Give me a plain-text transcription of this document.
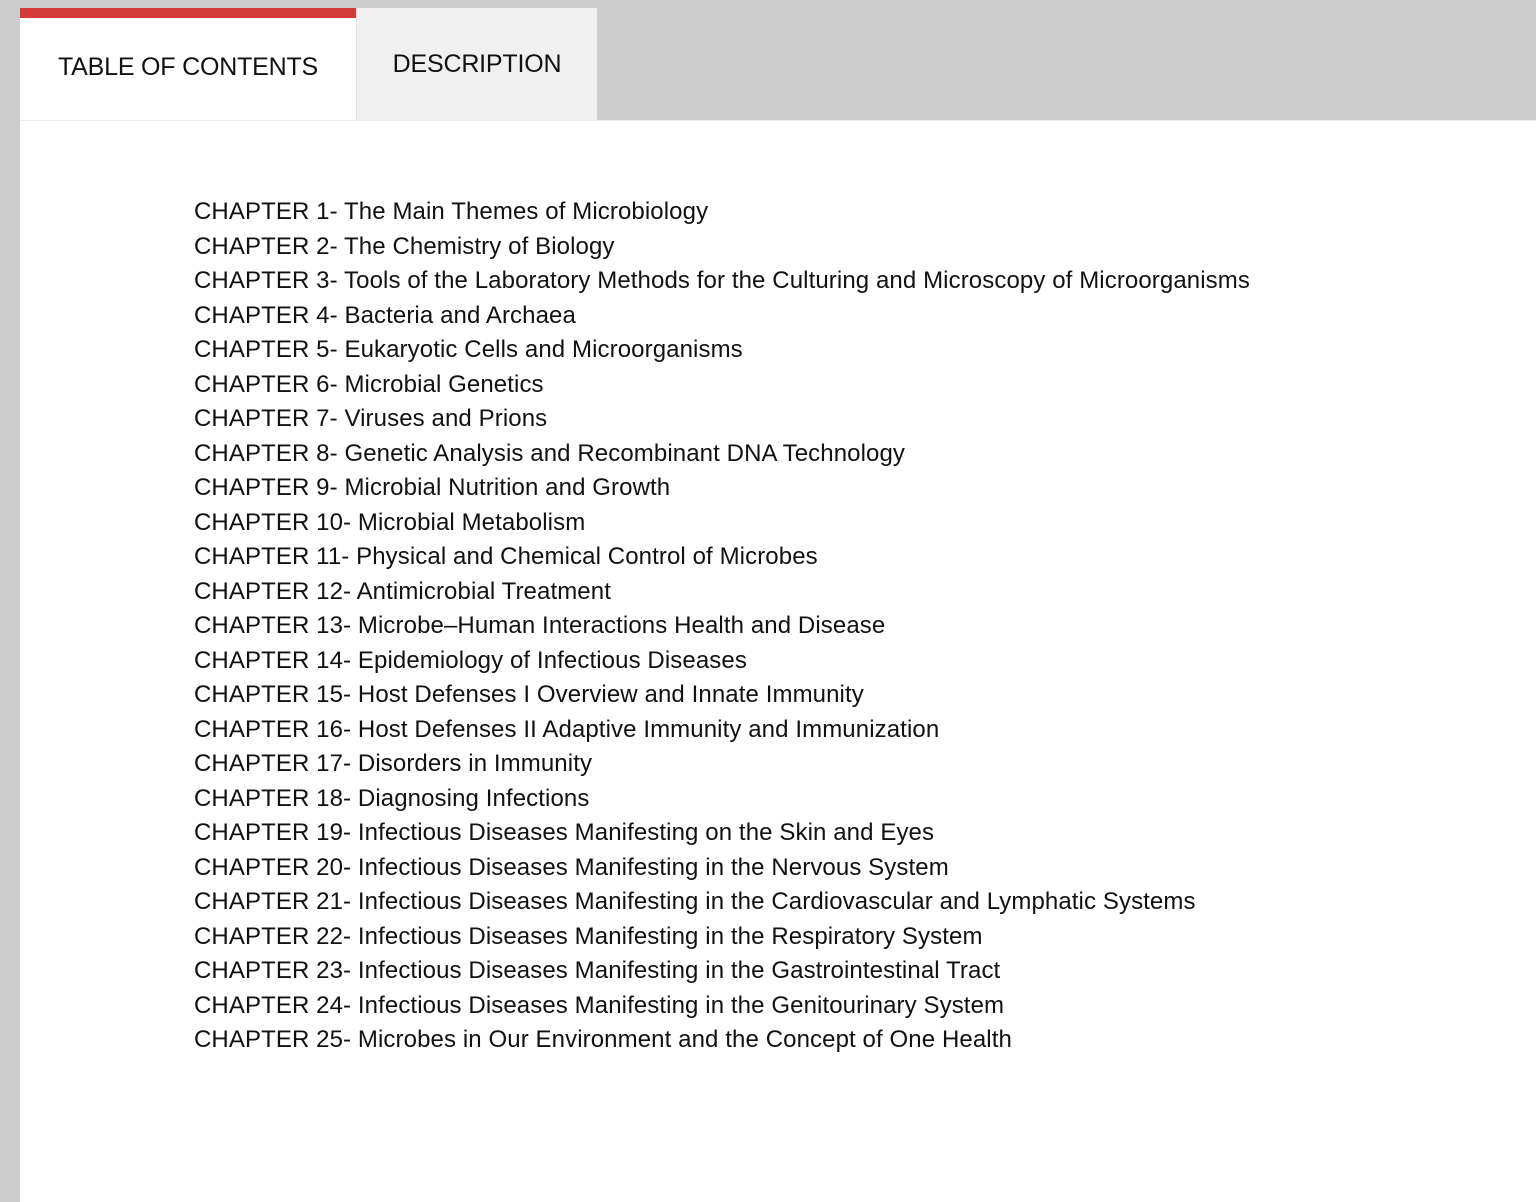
TABLE OF CONTENTS	DESCRIPTION
CHAPTER 1- The Main Themes of Microbiology
CHAPTER 2- The Chemistry of Biology
CHAPTER 3- Tools of the Laboratory Methods for the Culturing and Microscopy of Microorganisms
CHAPTER 4- Bacteria and Archaea
CHAPTER 5- Eukaryotic Cells and Microorganisms
CHAPTER 6- Microbial Genetics
CHAPTER 7- Viruses and Prions
CHAPTER 8- Genetic Analysis and Recombinant DNA Technology
CHAPTER 9- Microbial Nutrition and Growth
CHAPTER 10- Microbial Metabolism
CHAPTER 11- Physical and Chemical Control of Microbes
CHAPTER 12- Antimicrobial Treatment
CHAPTER 13- Microbe–Human Interactions Health and Disease
CHAPTER 14- Epidemiology of Infectious Diseases
CHAPTER 15- Host Defenses I Overview and Innate Immunity
CHAPTER 16- Host Defenses II Adaptive Immunity and Immunization
CHAPTER 17- Disorders in Immunity
CHAPTER 18- Diagnosing Infections
CHAPTER 19- Infectious Diseases Manifesting on the Skin and Eyes
CHAPTER 20- Infectious Diseases Manifesting in the Nervous System
CHAPTER 21- Infectious Diseases Manifesting in the Cardiovascular and Lymphatic Systems
CHAPTER 22- Infectious Diseases Manifesting in the Respiratory System
CHAPTER 23- Infectious Diseases Manifesting in the Gastrointestinal Tract
CHAPTER 24- Infectious Diseases Manifesting in the Genitourinary System
CHAPTER 25- Microbes in Our Environment and the Concept of One Health
